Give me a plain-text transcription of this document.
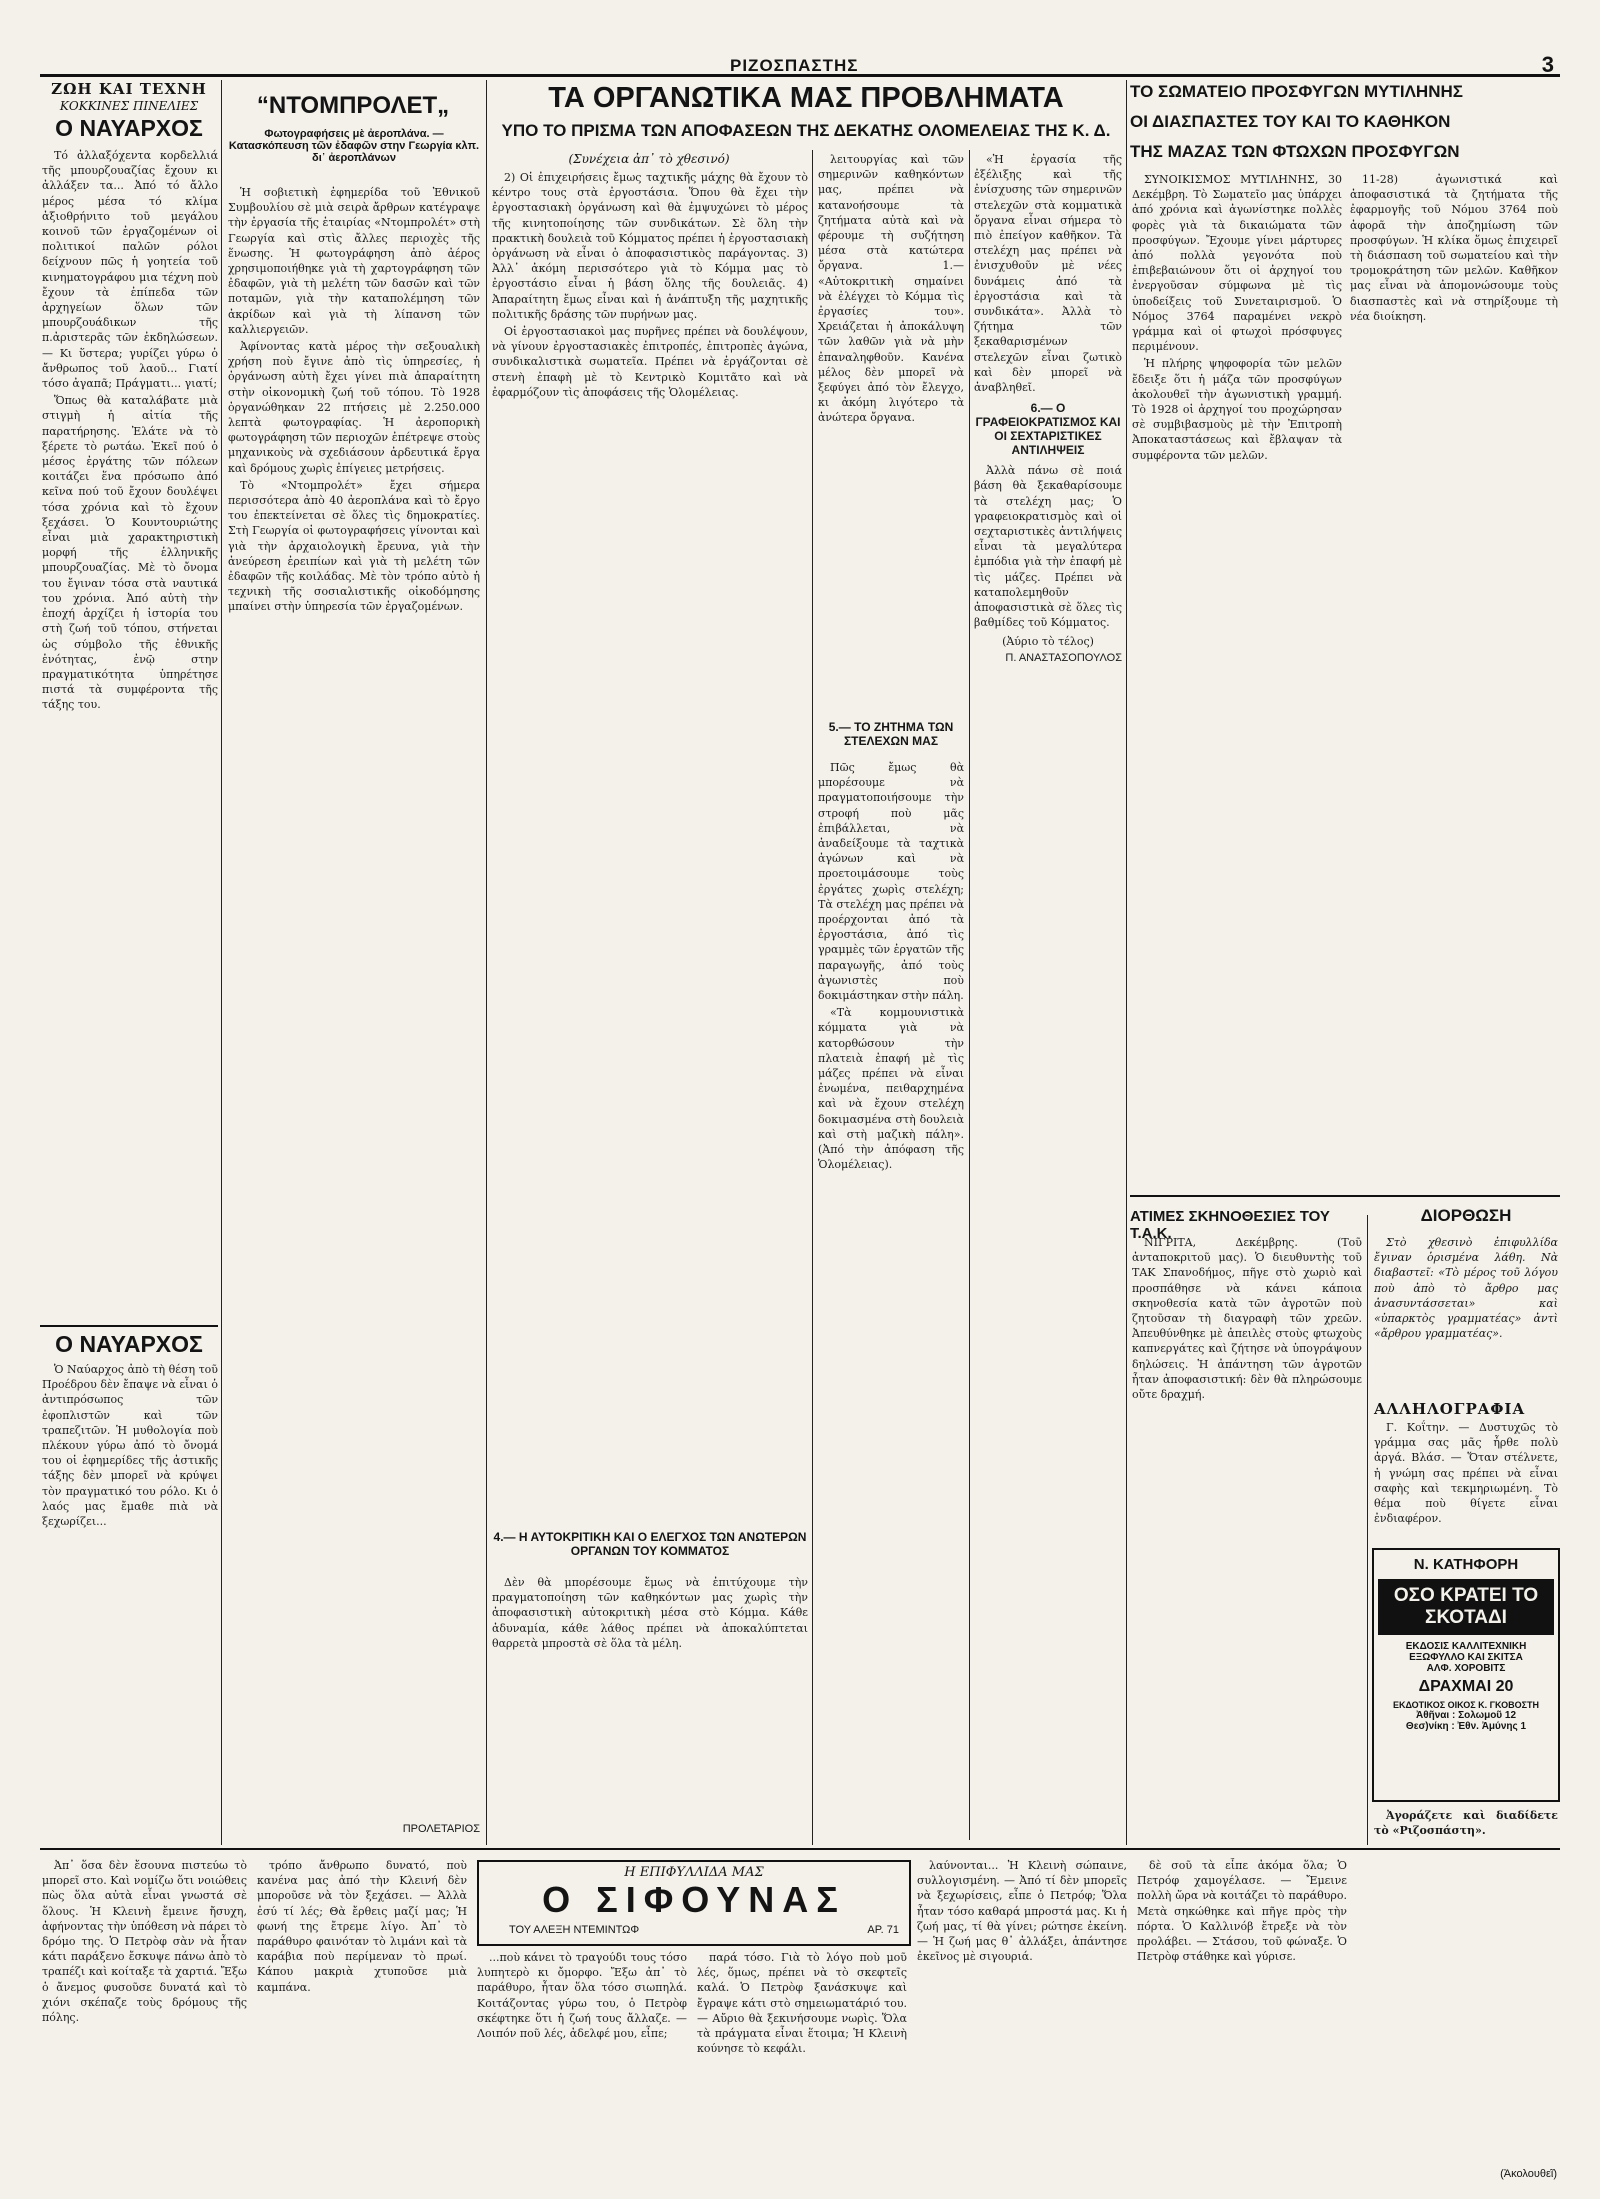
ΡΙΖΟΣΠΑΣΤΗΣ	3
ΖΩΗ ΚΑΙ ΤΕΧΝΗ
ΚΟΚΚΙΝΕΣ ΠΙΝΕΛΙΕΣ
Ο ΝΑΥΑΡΧΟΣ

Τό ἀλλαξόχεντα κορδελλιά τῆς μπουρζουαζίας ἔχουν κι ἀλλάξεν τα... Ἀπό τό ἄλλο μέρος μέσα τό κλίμα ἀξιοθρήνιτο τοῦ μεγάλου κοινοῦ τῶν ἐργαζομένων οἱ πολιτικοί παλῶν ρόλοι δείχνουν πῶς ἡ γοητεία τοῦ κινηματογράφου μια τέχνη ποὺ ἔχουν τὰ ἐπίπεδα τῶν ἀρχηγείων ὅλων τῶν μπουρζουάδικων τῆς π.ἀριστερᾶς τῶν ἐκδηλώσεων. — Κι ὕστερα; γυρίζει γύρω ὁ ἄνθρωπος τοῦ λαοῦ... Γιατί τόσο ἀγαπᾶ; Πράγματι... γιατί;

Ὅπως θὰ καταλάβατε μιὰ στιγμὴ ἡ αἰτία τῆς παρατήρησης. Ἐλάτε νὰ τὸ ξέρετε τὸ ρωτάω. Ἐκεῖ πού ὁ μέσος ἐργάτης τῶν πόλεων κοιτάζει ἕνα πρόσωπο ἀπό κεῖνα πού τοῦ ἔχουν δουλέψει τόσα χρόνια καὶ τὸ ἔχουν ξεχάσει. Ὁ Κουντουριώτης εἶναι μιὰ χαρακτηριστικὴ μορφή τῆς ἑλληνικῆς μπουρζουαζίας. Μὲ τὸ ὄνομα του ἔγιναν τόσα στὰ ναυτικά του χρόνια. Ἀπό αὐτὴ τὴν ἐποχή ἀρχίζει ἡ ἱστορία του στὴ ζωή τοῦ τόπου, στήνεται ὡς σύμβολο τῆς ἐθνικῆς ἑνότητας, ἐνῷ στην πραγματικότητα ὑπηρέτησε πιστά τὰ συμφέροντα τῆς τάξης του.

Ο ΝΑΥΑΡΧΟΣ

Ὁ Ναύαρχος ἀπὸ τὴ θέση τοῦ Προέδρου δὲν ἔπαψε νὰ εἶναι ὁ ἀντιπρόσωπος τῶν ἐφοπλιστῶν καὶ τῶν τραπεζιτῶν. Ἡ μυθολογία ποὺ πλέκουν γύρω ἀπό τὸ ὄνομά του οἱ ἐφημερίδες τῆς ἀστικῆς τάξης δὲν μπορεῖ νὰ κρύψει τὸν πραγματικό του ρόλο. Κι ὁ λαός μας ἔμαθε πιὰ νὰ ξεχωρίζει...

“ΝΤΟΜΠΡΟΛΕΤ„
Φωτογραφήσεις μὲ ἀεροπλάνα. — Κατασκόπευση τῶν ἐδαφῶν στην Γεωργία κλπ. δι᾽ ἀεροπλάνων

Ἡ σοβιετικὴ ἐφημερίδα τοῦ Ἐθνικοῦ Συμβουλίου σὲ μιὰ σειρὰ ἄρθρων κατέγραψε τὴν ἐργασία τῆς ἑταιρίας «Ντομπρολέτ» στὴ Γεωργία καὶ στὶς ἄλλες περιοχὲς τῆς ἕνωσης. Ἡ φωτογράφηση ἀπὸ ἀέρος χρησιμοποιήθηκε γιὰ τὴ χαρτογράφηση τῶν ἐδαφῶν, γιὰ τὴ μελέτη τῶν δασῶν καὶ τῶν ποταμῶν, γιὰ τὴν καταπολέμηση τῶν ἀκρίδων καὶ γιὰ τὴ λίπανση τῶν καλλιεργειῶν.

Ἀφίνοντας κατὰ μέρος τὴν σεξουαλικὴ χρήση ποὺ ἔγινε ἀπὸ τὶς ὑπηρεσίες, ἡ ὀργάνωση αὐτὴ ἔχει γίνει πιὰ ἀπαραίτητη στὴν οἰκονομικὴ ζωή τοῦ τόπου. Τὸ 1928 ὀργανώθηκαν 22 πτήσεις μὲ 2.250.000 λεπτὰ φωτογραφίας. Ἡ ἀεροπορικὴ φωτογράφηση τῶν περιοχῶν ἐπέτρεψε στοὺς μηχανικοὺς νὰ σχεδιάσουν ἀρδευτικά ἔργα καὶ δρόμους χωρὶς ἐπίγειες μετρήσεις.

Τὸ «Ντομπρολέτ» ἔχει σήμερα περισσότερα ἀπὸ 40 ἀεροπλάνα καὶ τὸ ἔργο του ἐπεκτείνεται σὲ ὅλες τὶς δημοκρατίες. Στὴ Γεωργία οἱ φωτογραφήσεις γίνονται καὶ γιὰ τὴν ἀρχαιολογικὴ ἔρευνα, γιὰ τὴν ἀνεύρεση ἐρειπίων καὶ γιὰ τὴ μελέτη τῶν ἐδαφῶν τῆς κοιλάδας. Μὲ τὸν τρόπο αὐτὸ ἡ τεχνικὴ τῆς σοσιαλιστικῆς οἰκοδόμησης μπαίνει στὴν ὑπηρεσία τῶν ἐργαζομένων.

ΠΡΟΛΕΤΑΡΙΟΣ
ΤΑ ΟΡΓΑΝΩΤΙΚΑ ΜΑΣ ΠΡΟΒΛΗΜΑΤΑ
ΥΠΟ ΤΟ ΠΡΙΣΜΑ ΤΩΝ ΑΠΟΦΑΣΕΩΝ ΤΗΣ ΔΕΚΑΤΗΣ ΟΛΟΜΕΛΕΙΑΣ ΤΗΣ Κ. Δ.
(Συνέχεια ἀπ᾽ τὸ χθεσινό)

2) Οἱ ἐπιχειρήσεις ἔμως ταχτικῆς μάχης θὰ ἔχουν τὸ κέντρο τους στὰ ἐργοστάσια. Ὅπου θὰ ἔχει τὴν ἐργοστασιακὴ ὀργάνωση καὶ θὰ ἐμψυχώνει τὸ μέρος τῆς κινητοποίησης τῶν συνδικάτων. Σὲ ὅλη τὴν πρακτικὴ δουλειὰ τοῦ Κόμματος πρέπει ἡ ἐργοστασιακὴ ὀργάνωση νὰ εἶναι ὁ ἀποφασιστικὸς παράγοντας. 3) Ἀλλ᾽ ἀκόμη περισσότερο γιὰ τὸ Κόμμα μας τὸ ἐργοστάσιο εἶναι ἡ βάση ὅλης τῆς δουλειᾶς. 4) Ἀπαραίτητη ἔμως εἶναι καὶ ἡ ἀνάπτυξη τῆς μαχητικῆς πολιτικῆς δράσης τῶν πυρήνων μας.

Οἱ ἐργοστασιακοὶ μας πυρῆνες πρέπει νὰ δουλέψουν, νὰ γίνουν ἐργοστασιακὲς ἐπιτροπές, ἐπιτροπὲς ἀγώνα, συνδικαλιστικὰ σωματεῖα. Πρέπει νὰ ἐργάζονται σὲ στενὴ ἐπαφὴ μὲ τὸ Κεντρικὸ Κομιτᾶτο καὶ νὰ ἐφαρμόζουν τὶς ἀποφάσεις τῆς Ὁλομέλειας.

4.— Η ΑΥΤΟΚΡΙΤΙΚΗ ΚΑΙ Ο ΕΛΕΓΧΟΣ ΤΩΝ ΑΝΩΤΕΡΩΝ ΟΡΓΑΝΩΝ ΤΟΥ ΚΟΜΜΑΤΟΣ

Δὲν θὰ μπορέσουμε ἔμως νὰ ἐπιτύχουμε τὴν πραγματοποίηση τῶν καθηκόντων μας χωρὶς τὴν ἀποφασιστικὴ αὐτοκριτικὴ μέσα στὸ Κόμμα. Κάθε ἀδυναμία, κάθε λάθος πρέπει νὰ ἀποκαλύπτεται θαρρετὰ μπροστὰ σὲ ὅλα τὰ μέλη.

λειτουργίας καὶ τῶν σημερινῶν καθηκόντων μας, πρέπει νὰ κατανοήσουμε τὰ ζητήματα αὐτὰ καὶ νὰ φέρουμε τὴ συζήτηση μέσα στὰ κατώτερα ὄργανα. 1.— «Αὐτοκριτικὴ σημαίνει νὰ ἐλέγχει τὸ Κόμμα τὶς ἐργασίες του». Χρειάζεται ἡ ἀποκάλυψη τῶν λαθῶν γιὰ νὰ μὴν ἐπαναληφθοῦν. Κανένα μέλος δὲν μπορεῖ νὰ ξεφύγει ἀπό τὸν ἔλεγχο, κι ἀκόμη λιγότερο τὰ ἀνώτερα ὄργανα.

5.— ΤΟ ΖΗΤΗΜΑ ΤΩΝ ΣΤΕΛΕΧΩΝ ΜΑΣ

Πῶς ἔμως θὰ μπορέσουμε νὰ πραγματοποιήσουμε τὴν στροφή ποὺ μᾶς ἐπιβάλλεται, νὰ ἀναδείξουμε τὰ ταχτικὰ ἀγώνων καὶ νὰ προετοιμάσουμε τοὺς ἐργάτες χωρὶς στελέχη; Τὰ στελέχη μας πρέπει νὰ προέρχονται ἀπό τὰ ἐργοστάσια, ἀπό τὶς γραμμὲς τῶν ἐργατῶν τῆς παραγωγῆς, ἀπό τοὺς ἀγωνιστὲς ποὺ δοκιμάστηκαν στὴν πάλη.

«Τὰ κομμουνιστικὰ κόμματα γιὰ νὰ κατορθώσουν τὴν πλατειὰ ἐπαφή μὲ τὶς μάζες πρέπει νὰ εἶναι ἐνωμένα, πειθαρχημένα καὶ νὰ ἔχουν στελέχη δοκιμασμένα στὴ δουλειὰ καὶ στὴ μαζικὴ πάλη». (Ἀπό τὴν ἀπόφαση τῆς Ὁλομέλειας).

ΤΟ ΣΩΜΑΤΕΙΟ ΠΡΟΣΦΥΓΩΝ ΜΥΤΙΛΗΝΗΣ
ΟΙ ΔΙΑΣΠΑΣΤΕΣ ΤΟΥ ΚΑΙ ΤΟ ΚΑΘΗΚΟΝ
ΤΗΣ ΜΑΖΑΣ ΤΩΝ ΦΤΩΧΩΝ ΠΡΟΣΦΥΓΩΝ

ΣΥΝΟΙΚΙΣΜΟΣ ΜΥΤΙΛΗΝΗΣ, 30 Δεκέμβρη. Τὸ Σωματεῖο μας ὑπάρχει ἀπό χρόνια καὶ ἀγωνίστηκε πολλὲς φορὲς γιὰ τὰ δικαιώματα τῶν προσφύγων. Ἔχουμε γίνει μάρτυρες ἀπό πολλὰ γεγονότα ποὺ ἐπιβεβαιώνουν ὅτι οἱ ἀρχηγοί του ἐνεργοῦσαν σύμφωνα μὲ τὶς ὑποδείξεις τοῦ Συνεταιρισμοῦ. Ὁ Νόμος 3764 παραμένει νεκρὸ γράμμα καὶ οἱ φτωχοὶ πρόσφυγες περιμένουν.

Ἡ πλήρης ψηφοφορία τῶν μελῶν ἔδειξε ὅτι ἡ μάζα τῶν προσφύγων ἀκολουθεῖ τὴν ἀγωνιστικὴ γραμμή. Τὸ 1928 οἱ ἀρχηγοί του προχώρησαν σὲ συμβιβασμοὺς μὲ τὴν Ἐπιτροπὴ Ἀποκαταστάσεως καὶ ἔβλαψαν τὰ συμφέροντα τῶν μελῶν.

11-28) ἀγωνιστικά καὶ ἀποφασιστικά τὰ ζητήματα τῆς ἐφαρμογῆς τοῦ Νόμου 3764 ποὺ ἀφορᾶ τὴν ἀποζημίωση τῶν προσφύγων. Ἡ κλίκα ὅμως ἐπιχειρεῖ τὴ διάσπαση τοῦ σωματείου καὶ τὴν τρομοκράτηση τῶν μελῶν. Καθῆκον μας εἶναι νὰ ἀπομονώσουμε τοὺς διασπαστὲς καὶ νὰ στηρίξουμε τὴ νέα διοίκηση.

ΑΤΙΜΕΣ ΣΚΗΝΟΘΕΣΙΕΣ ΤΟΥ Τ.Α.Κ.

ΝΙΓΡΙΤΑ, Δεκέμβρης. (Τοῦ ἀνταποκριτοῦ μας). Ὁ διευθυντὴς τοῦ ΤΑΚ Σπανοδήμος, πῆγε στὸ χωριὸ καὶ προσπάθησε νὰ κάνει κάποια σκηνοθεσία κατὰ τῶν ἀγροτῶν ποὺ ζητοῦσαν τὴ διαγραφὴ τῶν χρεῶν. Ἀπευθύνθηκε μὲ ἀπειλὲς στοὺς φτωχοὺς καπνεργάτες καὶ ζήτησε νὰ ὑπογράψουν δηλώσεις. Ἡ ἀπάντηση τῶν ἀγροτῶν ἦταν ἀποφασιστική: δὲν θὰ πληρώσουμε οὔτε δραχμή.

ΔΙΟΡΘΩΣΗ

Στὸ χθεσινὸ ἐπιφυλλίδα ἔγιναν ὁρισμένα λάθη. Νὰ διαβαστεῖ: «Τὸ μέρος τοῦ λόγου ποὺ ἀπὸ τὸ ἄρθρο μας ἀνασυντάσσεται» καὶ «ὑπαρκτὸς γραμματέας» ἀντὶ «ἄρθρου γραμματέας».

ΑΛΛΗΛΟΓΡΑΦΙΑ

Γ. Κοΐτην. — Δυστυχῶς τὸ γράμμα σας μᾶς ἦρθε πολὺ ἀργά. Βλάσ. — Ὅταν στέλνετε, ἡ γνώμη σας πρέπει νὰ εἶναι σαφὴς καὶ τεκμηριωμένη. Τὸ θέμα ποὺ θίγετε εἶναι ἐνδιαφέρον.

Ν. ΚΑΤΗΦΟΡΗ
ΟΣΟ ΚΡΑΤΕΙ ΤΟ ΣΚΟΤΑΔΙ
ΕΚΔΟΣΙΣ ΚΑΛΛΙΤΕΧΝΙΚΗ
ΕΞΩΦΥΛΛΟ ΚΑΙ ΣΚΙΤΣΑ
ΑΛΦ. ΧΟΡΟΒΙΤΣ
ΔΡΑΧΜΑΙ 20
ΕΚΔΟΤΙΚΟΣ ΟΙΚΟΣ Κ. ΓΚΟΒΟΣΤΗ
Ἀθῆναι : Σολωμοῦ 12
Θεσ)νίκη : Ἐθν. Ἀμύνης 1

Ἀγοράζετε καὶ διαδίδετε τὸ «Ριζοσπάστη».

Η ΕΠΙΦΥΛΛΙΔΑ ΜΑΣ
Ο ΣΙΦΟΥΝΑΣ
ΤΟΥ ΑΛΕΞΗ ΝΤΕΜΙΝΤΩΦ	ΑΡ. 71

Ἀπ᾽ ὅσα δὲν ἔσουνα πιστεύω τὸ μπορεῖ στο. Καὶ νομίζω ὅτι νοιώθεις πὼς ὅλα αὐτὰ εἶναι γνωστά σὲ ὅλους. Ἡ Κλεινὴ ἔμεινε ἤσυχη, ἀφήνοντας τὴν ὑπόθεση νὰ πάρει τὸ δρόμο της. Ὁ Πετρὸφ σὰν νὰ ἦταν κάτι παράξενο ἔσκυψε πάνω ἀπὸ τὸ τραπέζι καὶ κοίταξε τὰ χαρτιά. Ἔξω ὁ ἄνεμος φυσοῦσε δυνατά καὶ τὸ χιόνι σκέπαζε τοὺς δρόμους τῆς πόλης.

τρόπο ἄνθρωπο δυνατό, ποὺ κανένα μας ἀπό τὴν Κλεινή δὲν μποροῦσε νὰ τὸν ξεχάσει. — Ἀλλὰ ἐσύ τί λές; Θὰ ἔρθεις μαζί μας; Ἡ φωνή της ἔτρεμε λίγο. Ἀπ᾽ τὸ παράθυρο φαινόταν τὸ λιμάνι καὶ τὰ καράβια ποὺ περίμεναν τὸ πρωί. Κάπου μακριὰ χτυποῦσε μιὰ καμπάνα.

...ποὺ κάνει τὸ τραγούδι τους τόσο λυπητερὸ κι ὄμορφο. Ἔξω ἀπ᾽ τὸ παράθυρο, ἦταν ὅλα τόσο σιωπηλά. Κοιτάζοντας γύρω του, ὁ Πετρὸφ σκέφτηκε ὅτι ἡ ζωή τους ἄλλαζε. — Λοιπόν ποῦ λές, ἀδελφέ μου, εἶπε;

παρά τόσο. Γιὰ τὸ λόγο ποὺ μοῦ λές, ὅμως, πρέπει νὰ τὸ σκεφτεῖς καλά. Ὁ Πετρὸφ ξανάσκυψε καὶ ἔγραψε κάτι στὸ σημειωματάριό του. — Αὔριο θὰ ξεκινήσουμε νωρὶς. Ὅλα τὰ πράγματα εἶναι ἕτοιμα; Ἡ Κλεινὴ κούνησε τὸ κεφάλι.

λαύνονται... Ἡ Κλεινὴ σώπαινε, συλλογισμένη. — Ἀπό τί δὲν μπορεῖς νὰ ξεχωρίσεις, εἶπε ὁ Πετρόφ; Ὅλα ἦταν τόσο καθαρά μπροστά μας. Κι ἡ ζωή μας, τί θὰ γίνει; ρώτησε ἐκείνη. — Ἡ ζωή μας θ᾽ ἀλλάξει, ἀπάντησε ἐκεῖνος μὲ σιγουριά.

δὲ σοῦ τὰ εἶπε ἀκόμα ὅλα; Ὁ Πετρόφ χαμογέλασε. — Ἔμεινε πολλὴ ὥρα νὰ κοιτάζει τὸ παράθυρο. Μετὰ σηκώθηκε καὶ πῆγε πρὸς τὴν πόρτα. Ὁ Καλλινόβ ἔτρεξε νὰ τὸν προλάβει. — Στάσου, τοῦ φώναξε. Ὁ Πετρὸφ στάθηκε καὶ γύρισε.

(Ἀκολουθεῖ)

«Ἡ ἐργασία τῆς ἐξέλιξης καὶ τῆς ἐνίσχυσης τῶν σημερινῶν στελεχῶν στὰ κομματικὰ ὄργανα εἶναι σήμερα τὸ πιὸ ἐπείγον καθῆκον. Τὰ στελέχη μας πρέπει νὰ ἐνισχυθοῦν μὲ νέες δυνάμεις ἀπό τὰ ἐργοστάσια καὶ τὰ συνδικάτα». Ἀλλὰ τὸ ζήτημα τῶν ξεκαθαρισμένων στελεχῶν εἶναι ζωτικὸ καὶ δὲν μπορεῖ νὰ ἀναβληθεῖ.

6.— Ο ΓΡΑΦΕΙΟΚΡΑΤΙΣΜΟΣ ΚΑΙ ΟΙ ΣΕΧΤΑΡΙΣΤΙΚΕΣ ΑΝΤΙΛΗΨΕΙΣ

Ἀλλὰ πάνω σὲ ποιά βάση θὰ ξεκαθαρίσουμε τὰ στελέχη μας; Ὁ γραφειοκρατισμὸς καὶ οἱ σεχταριστικὲς ἀντιλήψεις εἶναι τὰ μεγαλύτερα ἐμπόδια γιὰ τὴν ἐπαφή μὲ τὶς μάζες. Πρέπει νὰ καταπολεμηθοῦν ἀποφασιστικὰ σὲ ὅλες τὶς βαθμίδες τοῦ Κόμματος.

(Ἀύριο τὸ τέλος)
Π. ΑΝΑΣΤΑΣΟΠΟΥΛΟΣ
